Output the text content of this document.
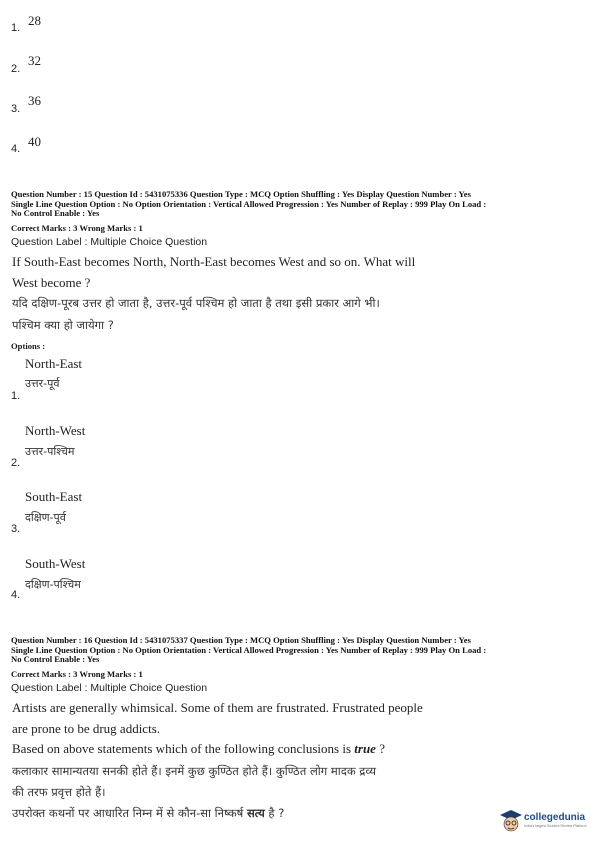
1. 28
2.
32
3.
36
4. 40
Question Number : 15 Question Id : 5431075336 Question Type : MCQ Option Shuffling : Yes Display Question Number : Yes
Single Line Question Option : No Option Orientation : Vertical Allowed Progression : Yes Number of Replay : 999 Play On Load :
No Control Enable : Yes
Correct Marks : 3 Wrong Marks : 1
Question Label : Multiple Choice Question
If South-East becomes North, North-East becomes West and so on. What will
West become ?
यदि दक्षिण-पूरब उत्तर हो जाता है, उत्तर-पूर्व पश्चिम हो जाता है तथा इसी प्रकार आगे भी।
पश्चिम क्या हो जायेगा ?
Options :
North-East
उत्तर-पूर्व
1.
North-West
उत्तर-पश्चिम
2.
South-East
दक्षिण-पूर्व
3.
South-West
दक्षिण-पश्चिम
4.
Question Number : 16 Question Id : 5431075337 Question Type : MCQ Option Shuffling : Yes Display Question Number : Yes
Single Line Question Option : No Option Orientation : Vertical Allowed Progression : Yes Number of Replay : 999 Play On Load :
No Control Enable : Yes
Correct Marks : 3 Wrong Marks : 1
Question Label : Multiple Choice Question
Artists are generally whimsical. Some of them are frustrated. Frustrated people
are prone to be drug addicts.
Based on above statements which of the following conclusions is true ?
कलाकार सामान्यतया सनकी होते हैं। इनमें कुछ कुण्ठित होते हैं। कुण्ठित लोग मादक द्रव्य
की तरफ प्रवृत्त होते हैं।
उपरोक्त कथनों पर आधारित निम्न में से कौन-सा निष्कर्ष सत्य है ?	collegedunia
India's largest Student Review Platform
